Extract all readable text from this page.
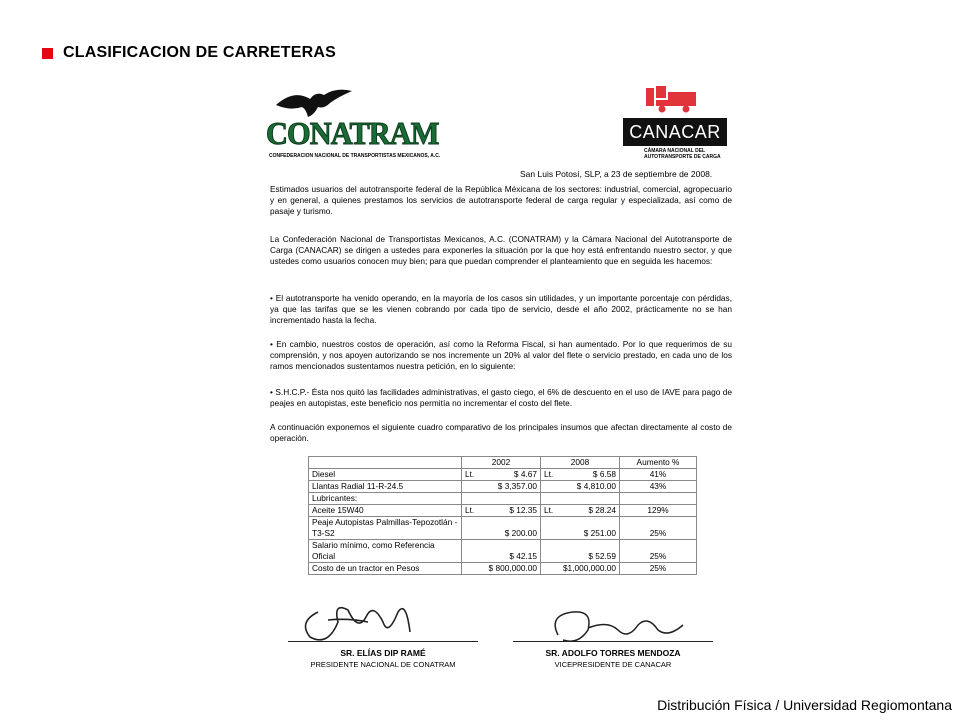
CLASIFICACION DE CARRETERAS
CONATRAM
CONFEDERACION NACIONAL DE TRANSPORTISTAS MEXICANOS, A.C.
CANACAR
CÁMARA NACIONAL DEL
AUTOTRANSPORTE DE CARGA
San Luis Potosí, SLP, a 23 de septiembre de 2008.
Estimados usuarios del autotransporte federal de la República Méxicana de los sectores: industrial, comercial, agropecuario y en general, a quienes prestamos los servicios de autotransporte federal de carga regular y especializada, así como de pasaje y turismo.
La Confederación Nacional de Transportistas Mexicanos, A.C. (CONATRAM) y la Cámara Nacional del Autotransporte de Carga (CANACAR) se dirigen a ustedes para exponerles la situación por la que hoy está enfrentando nuestro sector, y que ustedes como usuarios conocen muy bien; para que puedan comprender el planteamiento que en seguida les hacemos:
• El autotransporte ha venido operando, en la mayoría de los casos sin utilidades, y un importante porcentaje con pérdidas, ya que las tarifas que se les vienen cobrando por cada tipo de servicio, desde el año 2002, prácticamente no se han incrementado hasta la fecha.
• En cambio, nuestros costos de operación, así como la Reforma Fiscal, si han aumentado. Por lo que requerimos de su comprensión, y nos apoyen autorizando se nos incremente un 20% al valor del flete o servicio prestado, en cada uno de los ramos mencionados sustentamos nuestra petición, en lo siguiente:
• S.H.C.P.- Ésta nos quitó las facilidades administrativas, el gasto ciego, el 6% de descuento en el uso de IAVE para pago de peajes en autopistas, este beneficio nos permitía no incrementar el costo del flete.
A continuación exponemos el siguiente cuadro comparativo de los principales insumos que afectan directamente al costo de operación.
	2002	2008	Aumento %
Diesel	Lt. $ 4.67	Lt. $ 6.58	41%
Llantas Radial 11-R-24.5	$ 3,357.00	$ 4,810.00	43%
Lubricantes:	

Aceite 15W40	Lt. $ 12.35	Lt. $ 28.24	129%
Peaje Autopistas Palmillas-Tepozotlán - T3-S2	$ 200.00	$ 251.00	25%
Salario mínimo, como Referencia Oficial	$ 42.15	$ 52.59	25%
Costo de un tractor en Pesos	$ 800,000.00	$1,000,000.00	25%
SR. ELÍAS DIP RAMÉ
PRESIDENTE NACIONAL DE CONATRAM
SR. ADOLFO TORRES MENDOZA
VICEPRESIDENTE DE CANACAR
Distribución Física / Universidad Regiomontana
